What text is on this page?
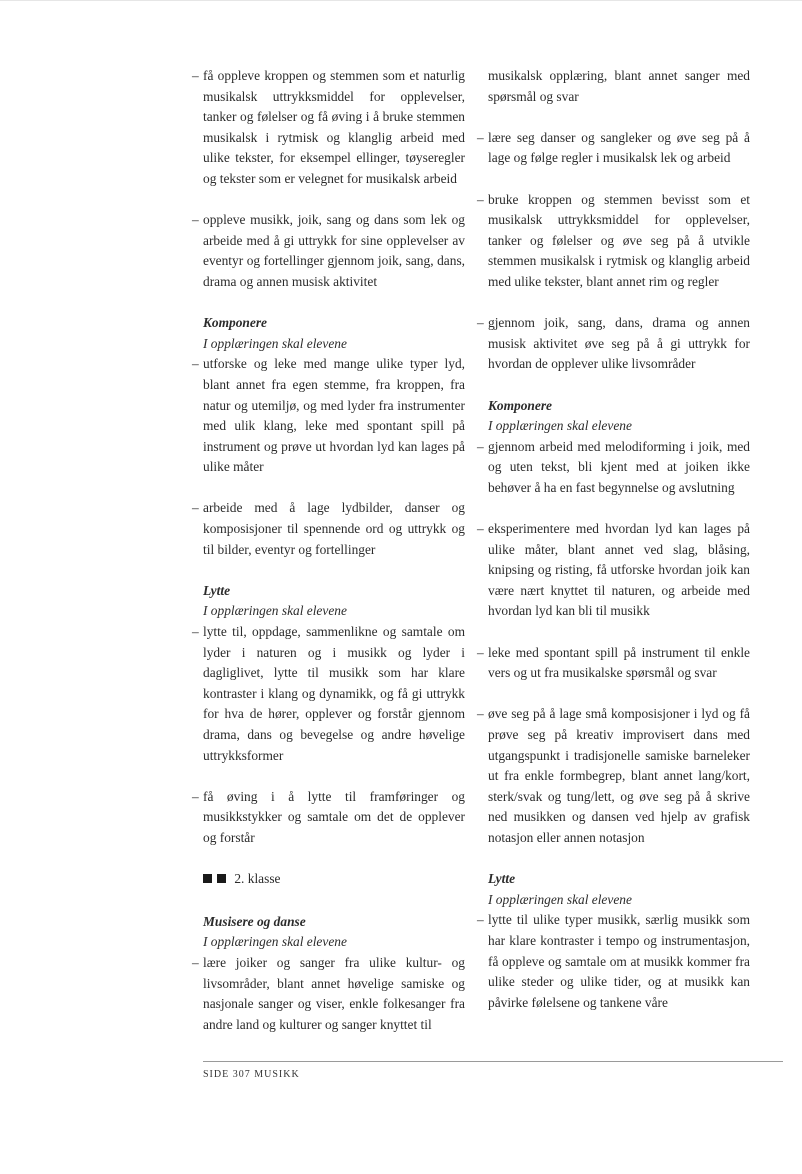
– få oppleve kroppen og stemmen som et naturlig musikalsk uttrykksmiddel for opplevelser, tanker og følelser og få øving i å bruke stemmen musikalsk i rytmisk og klanglig arbeid med ulike tekster, for eksempel ellinger, tøyseregler og tekster som er velegnet for musikalsk arbeid
– oppleve musikk, joik, sang og dans som lek og arbeide med å gi uttrykk for sine opplevelser av eventyr og fortellinger gjennom joik, sang, dans, drama og annen musisk aktivitet
Komponere
I opplæringen skal elevene
– utforske og leke med mange ulike typer lyd, blant annet fra egen stemme, fra kroppen, fra natur og utemiljø, og med lyder fra instrumenter med ulik klang, leke med spontant spill på instrument og prøve ut hvordan lyd kan lages på ulike måter
– arbeide med å lage lydbilder, danser og komposisjoner til spennende ord og uttrykk og til bilder, eventyr og fortellinger
Lytte
I opplæringen skal elevene
– lytte til, oppdage, sammenlikne og samtale om lyder i naturen og i musikk og lyder i dagliglivet, lytte til musikk som har klare kontraster i klang og dynamikk, og få gi uttrykk for hva de hører, opplever og forstår gjennom drama, dans og bevegelse og andre høvelige uttrykksformer
– få øving i å lytte til framføringer og musikkstykker og samtale om det de opplever og forstår
2. klasse
Musisere og danse
I opplæringen skal elevene
– lære joiker og sanger fra ulike kultur- og livsområder, blant annet høvelige samiske og nasjonale sanger og viser, enkle folkesanger fra andre land og kulturer og sanger knyttet til
musikalsk opplæring, blant annet sanger med spørsmål og svar
– lære seg danser og sangleker og øve seg på å lage og følge regler i musikalsk lek og arbeid
– bruke kroppen og stemmen bevisst som et musikalsk uttrykksmiddel for opplevelser, tanker og følelser og øve seg på å utvikle stemmen musikalsk i rytmisk og klanglig arbeid med ulike tekster, blant annet rim og regler
– gjennom joik, sang, dans, drama og annen musisk aktivitet øve seg på å gi uttrykk for hvordan de opplever ulike livsområder
Komponere
I opplæringen skal elevene
– gjennom arbeid med melodiforming i joik, med og uten tekst, bli kjent med at joiken ikke behøver å ha en fast begynnelse og avslutning
– eksperimentere med hvordan lyd kan lages på ulike måter, blant annet ved slag, blåsing, knipsing og risting, få utforske hvordan joik kan være nært knyttet til naturen, og arbeide med hvordan lyd kan bli til musikk
– leke med spontant spill på instrument til enkle vers og ut fra musikalske spørsmål og svar
– øve seg på å lage små komposisjoner i lyd og få prøve seg på kreativ improvisert dans med utgangspunkt i tradisjonelle samiske barneleker ut fra enkle formbegrep, blant annet lang/kort, sterk/svak og tung/lett, og øve seg på å skrive ned musikken og dansen ved hjelp av grafisk notasjon eller annen notasjon
Lytte
I opplæringen skal elevene
– lytte til ulike typer musikk, særlig musikk som har klare kontraster i tempo og instrumentasjon, få oppleve og samtale om at musikk kommer fra ulike steder og ulike tider, og at musikk kan påvirke følelsene og tankene våre
SIDE 307 MUSIKK
